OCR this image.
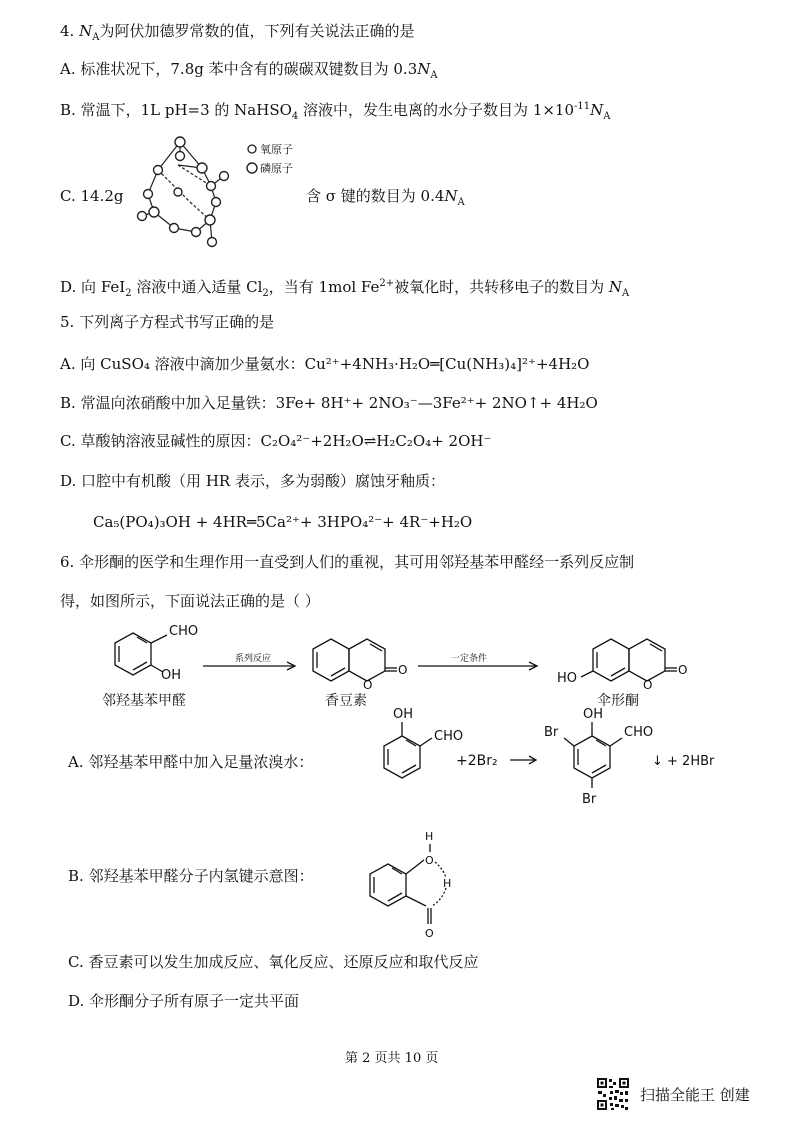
4. $N_A$为阿伏加德罗常数的值，下列有关说法正确的是
A. 标准状况下，7.8g 苯中含有的碳碳双键数目为 $0.3N_A$
B. 常温下，1L pH=3 的 NaHSO$_4$ 溶液中，发生电离的水分子数目为 $1\times 10^{-11}N_A$
C. 14.2g
氧原子
磷原子
含 σ 键的数目为 $0.4N_A$
D. 向 FeI$_2$ 溶液中通入适量 $Cl_2$，当有 1mol $Fe^{2+}$被氧化时，共转移电子的数目为 $N_A$
5. 下列离子方程式书写正确的是
A. 向 CuSO₄ 溶液中滴加少量氨水：Cu²⁺+4NH₃·H₂O═[Cu(NH₃)₄]²⁺+4H₂O
B. 常温向浓硝酸中加入足量铁：3Fe+ 8H⁺+ 2NO₃⁻—3Fe²⁺+ 2NO↑+ 4H₂O
C. 草酸钠溶液显碱性的原因：C₂O₄²⁻+2H₂O⇌H₂C₂O₄+ 2OH⁻
D. 口腔中有机酸（用 HR 表示，多为弱酸）腐蚀牙釉质：
Ca₅(PO₄)₃OH + 4HR═5Ca²⁺+ 3HPO₄²⁻+ 4R⁻+H₂O
6. 伞形酮的医学和生理作用一直受到人们的重视，其可用邻羟基苯甲醛经一系列反应制
得，如图所示，下面说法正确的是（ ）
CHO
OH
系列反应	一定条件
O
O
O
O
HO
邻羟基苯甲醛	香豆素	伞形酮
A. 邻羟基苯甲醛中加入足量浓溴水：
OH
CHO
+2Br₂
OH
CHO
Br
Br
↓ + 2HBr
B. 邻羟基苯甲醛分子内氢键示意图：
H
O
H
O
C. 香豆素可以发生加成反应、氧化反应、还原反应和取代反应
D. 伞形酮分子所有原子一定共平面
第 2 页共 10 页
扫描全能王 创建
